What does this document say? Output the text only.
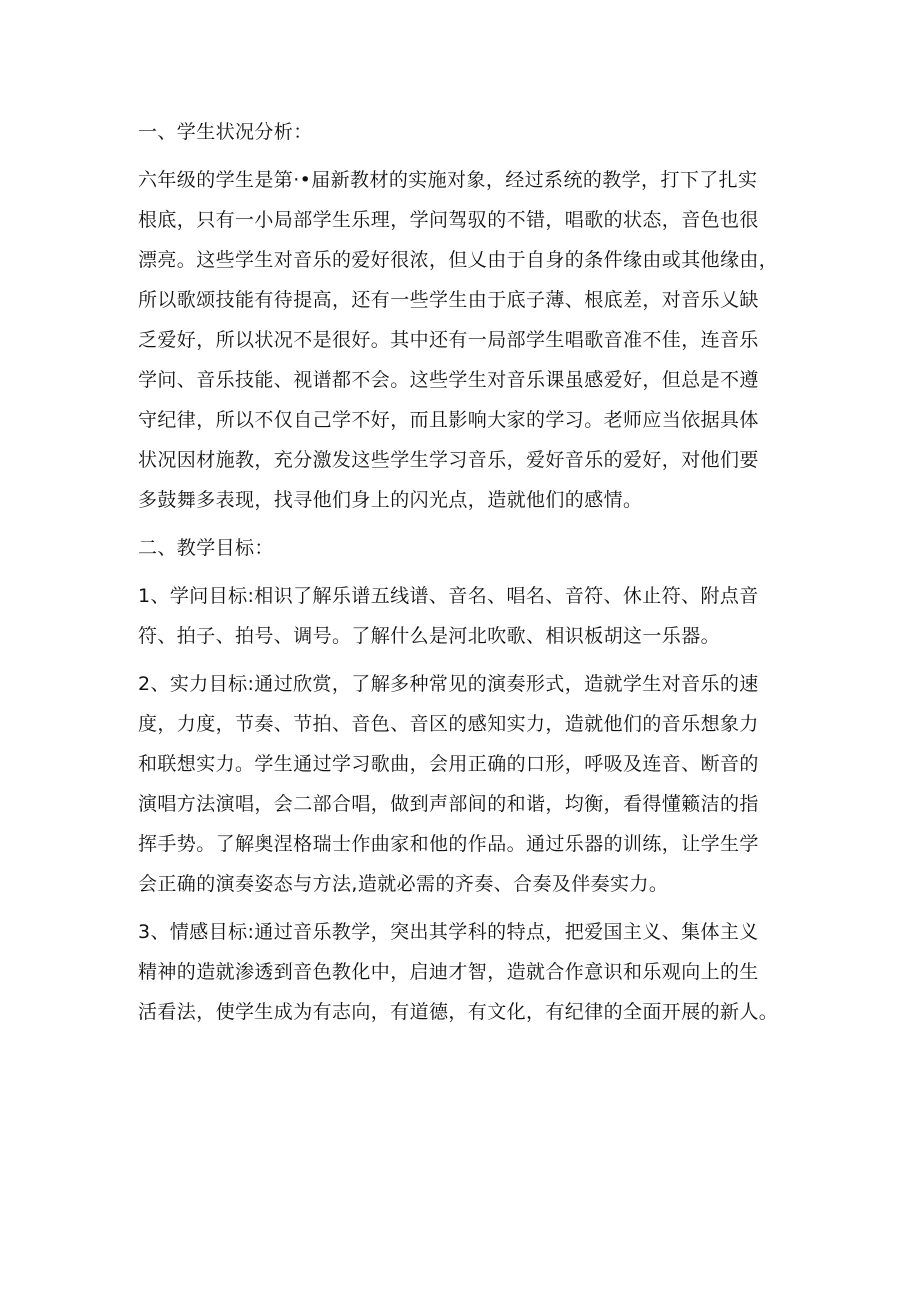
一、学生状况分析：
六年级的学生是第·•届新教材的实施对象，经过系统的教学，打下了扎实
根底，只有一小局部学生乐理，学问驾驭的不错，唱歌的状态，音色也很
漂亮。这些学生对音乐的爱好很浓，但乂由于自身的条件缘由或其他缘由，
所以歌颂技能有待提高，还有一些学生由于底子薄、根底差，对音乐乂缺
乏爱好，所以状况不是很好。其中还有一局部学生唱歌音准不佳，连音乐
学问、音乐技能、视谱都不会。这些学生对音乐课虽感爱好，但总是不遵
守纪律，所以不仅自己学不好，而且影响大家的学习。老师应当依据具体
状况因材施教，充分激发这些学生学习音乐，爱好音乐的爱好，对他们要
多鼓舞多表现，找寻他们身上的闪光点，造就他们的感情。
二、教学目标：
1、学问目标:相识了解乐谱五线谱、音名、唱名、音符、休止符、附点音
符、拍子、拍号、调号。了解什么是河北吹歌、相识板胡这一乐器。
2、实力目标:通过欣赏，了解多种常见的演奏形式，造就学生对音乐的速
度，力度，节奏、节拍、音色、音区的感知实力，造就他们的音乐想象力
和联想实力。学生通过学习歌曲，会用正确的口形，呼吸及连音、断音的
演唱方法演唱，会二部合唱，做到声部间的和谐，均衡，看得懂籁洁的指
挥手势。了解奥涅格瑞士作曲家和他的作品。通过乐器的训练，让学生学
会正确的演奏姿态与方法,造就必需的齐奏、合奏及伴奏实力。
3、情感目标:通过音乐教学，突出其学科的特点，把爱国主义、集体主义
精神的造就渗透到音色教化中，启迪才智，造就合作意识和乐观向上的生
活看法，使学生成为有志向，有道德，有文化，有纪律的全面开展的新人。
